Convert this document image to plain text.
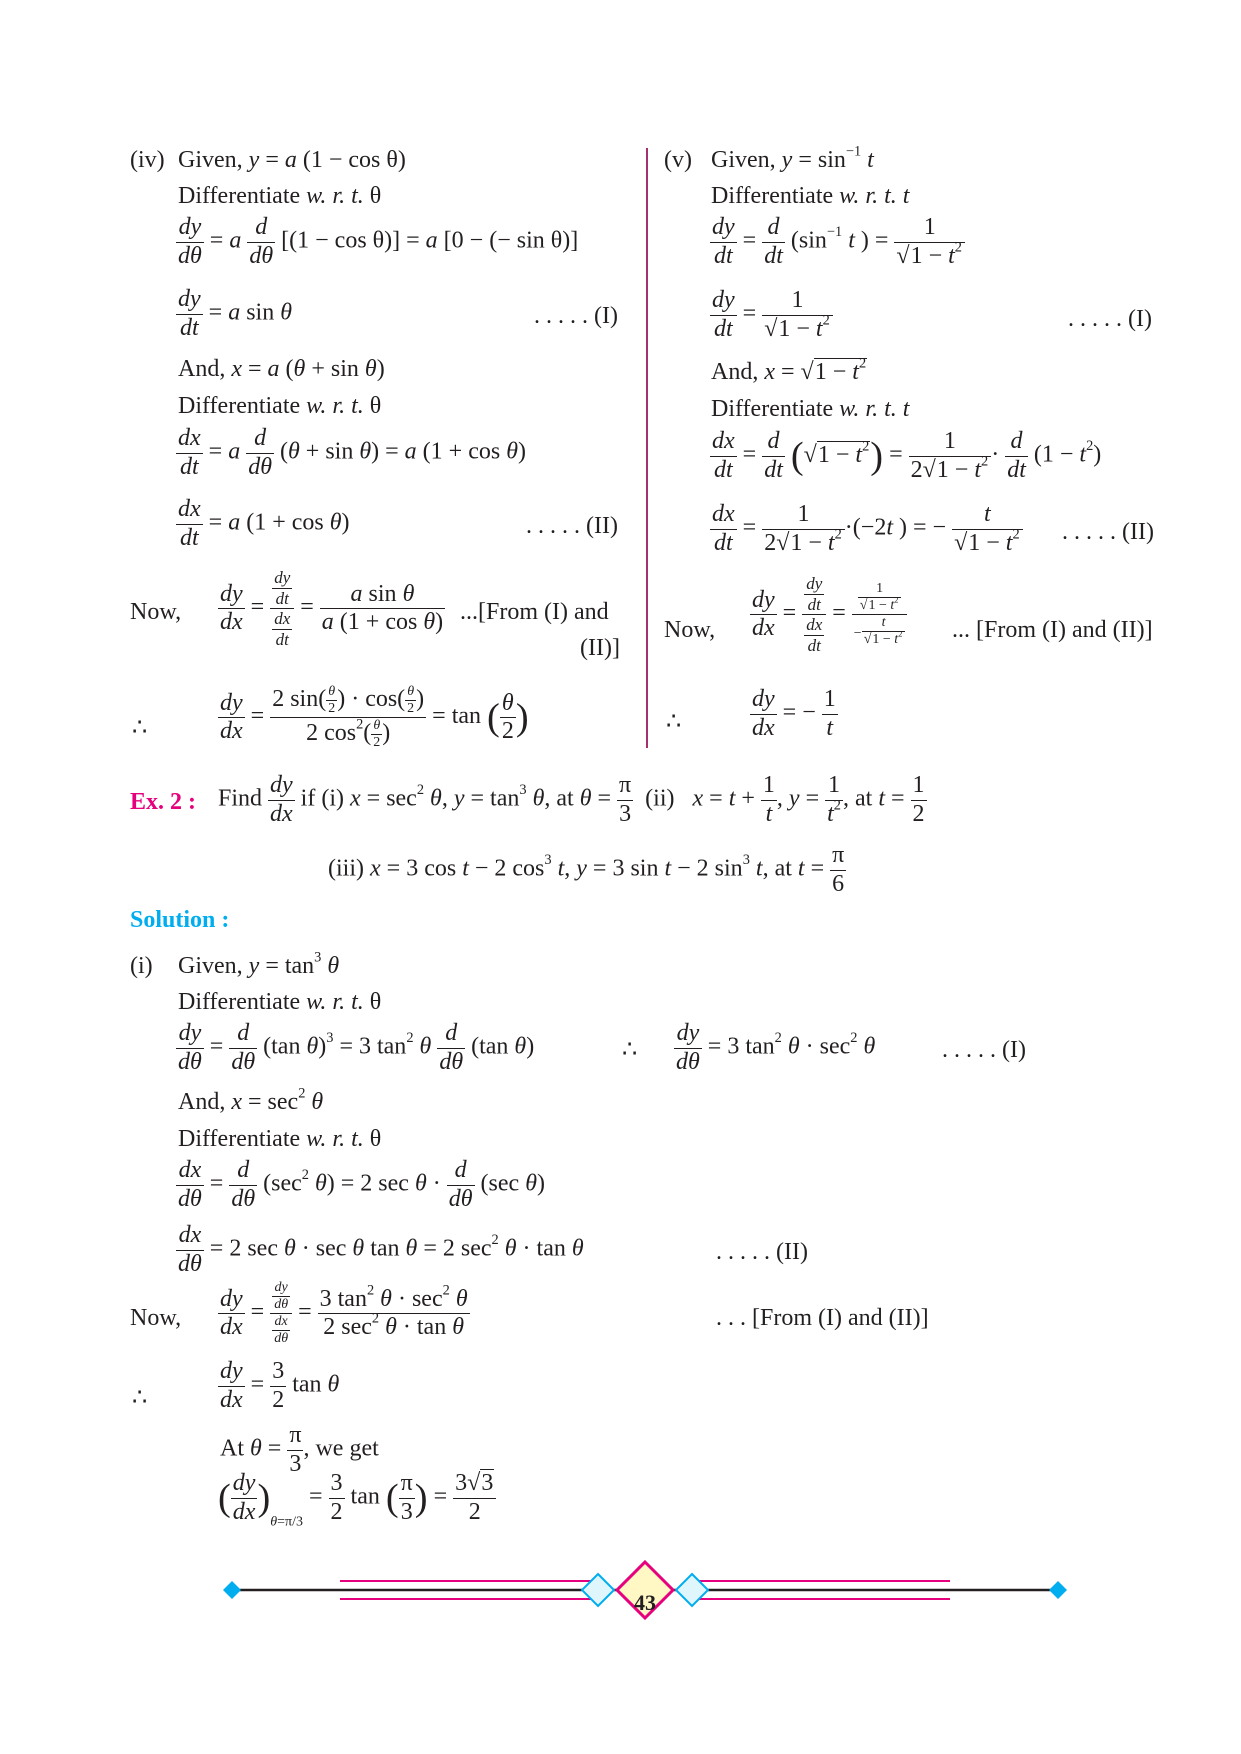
(iv) Given, y = a (1 − cos θ)
Differentiate w. r. t. θ
$\frac{dy}{d\theta} = a \frac{d}{d\theta} [(1 - \cos \theta)] = a$ [0 − (− sin θ)]
$\frac{dy}{dt} = a$ sin θ	. . . . . (I)
And, x = a (θ + sin θ)
Differentiate w. r. t. θ
$\frac{dx}{dt} = a \frac{d}{d\theta} (\theta + \sin \theta) = a$ (1 + cos θ)
$\frac{dx}{dt} = a$ (1 + cos θ)	. . . . . (II)
Now, $\frac{dy}{dx} = \frac{dy}{dt}$
$\frac{dx}{dt}$
= $\frac{\text{a sin θ}}{\text{a (1 + cos θ)}}$ ...[From (I) and
(II)]
∴	$\frac{dy}{dx} = \frac{2 \sin( \frac{\theta}{2} ) \cdot \cos( \frac{\theta}{2} )}{2 \cos^2( \frac{\theta}{2} )} = \tan$ ( $\frac{\theta}{2}$ )
(v) Given, $y = \sin^{-1} t$
Differentiate w. r. t. t
$\frac{dy}{dt} = \frac{d}{dt} (\sin^{-1}$ t ) = $\frac{1}{√1 - t^2}$
$\frac{dy}{dt} = \frac{1}{√1 - t^2}$	. . . . . (I)
And, $x = √1 - t^2$
Differentiate w. r. t. t
$\frac{dx}{dt} = \frac{d}{dt} (√1 - t^2) = \frac{1}{2√1 - t^2} \cdot \frac{d}{dt} (1 - t^2)$
$\frac{dx}{dt} = \frac{1}{2√1 - t^2} \cdot(-2t$ ) = − $\frac{t}{√1 - t^2}$ . . . . . (II)
Now, $\frac{dy}{dx} = \frac{dy}{dt}$
$\frac{dx}{dt}$
= $\frac{\frac{1}{√1 - t^2}}{- \frac{t}{√1 - t^2}}$ ... [From (I) and (II)]
∴	$\frac{dy}{dx}$ = − $\frac{1}{t}$
Ex. 2 : Find $\frac{dy}{dx}$ if (i) $x = \sec^2 \theta$, $y = \tan^3 \theta$, at $\theta = \frac{\pi}{3} (ii) x = t + \frac{1}{t}$ , $y = \frac{1}{t^2}$ , at $t = \frac{1}{2}$
(iii) x = 3 cos t − 2 $\cos^3 t$, y = 3 sin t − 2 $\sin^3 t$, at $t = \frac{\pi}{6}$
Solution :
(i) Given, $y = \tan^3 \theta$
Differentiate w. r. t. θ
$\frac{dy}{d\theta} = \frac{d}{d\theta} (\tan$ θ)$^3$ = 3 $\tan^2 \theta \frac{d}{d\theta} (\tan$ θ)	∴ $\frac{dy}{d\theta} = 3$ $\tan^2 \theta \cdot \sec^2 \theta$	. . . . . (I)
And, $x = \sec^2 \theta$
Differentiate w. r. t. θ
$\frac{dx}{d\theta} = \frac{d}{d\theta} (\sec^2$ θ) = 2 $\sec \theta \cdot \frac{d}{d\theta} (\sec$ θ)
$\frac{dx}{d\theta} = 2$ sec θ · sec θ tan θ = 2 $\sec^2 \theta \cdot \tan \theta$	. . . . . (II)
Now, $\frac{dy}{dx} = \frac{dy}{d\theta}$
$\frac{dx}{d\theta}$
=
3 $\tan^2 \theta \cdot \sec^2 \theta$
2 $\sec^2 \theta \cdot \tan \theta$	. . . [From (I) and (II)]
∴	$\frac{dy}{dx} = \frac{3}{2}$ tan θ
At $\theta = \frac{\pi}{3}$ , we get
( $\frac{dy}{dx} )_{\theta=\pi/3} = \frac{3}{2}$ tan ( $\frac{\pi}{3}$ ) = $\frac{3√3}{2}$
43
